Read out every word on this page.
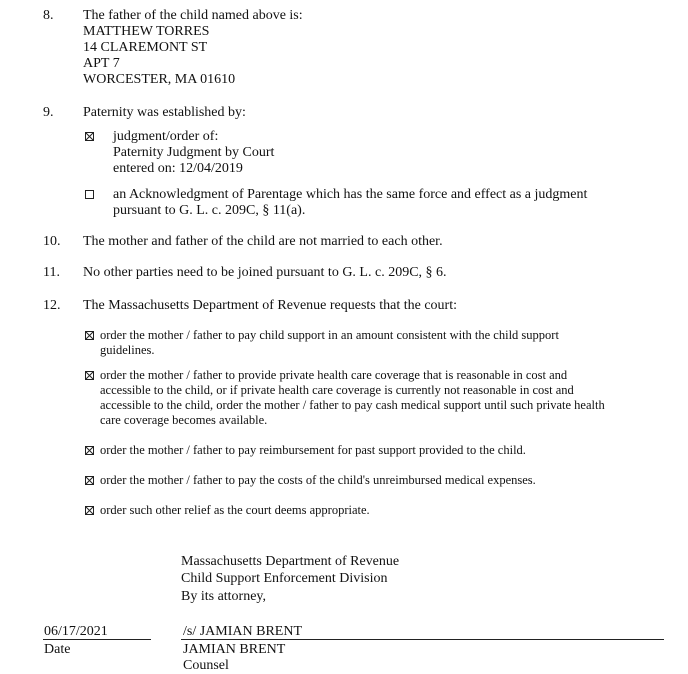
8. The father of the child named above is:
MATTHEW TORRES
14 CLAREMONT ST
APT 7
WORCESTER, MA 01610
9. Paternity was established by:
judgment/order of:
Paternity Judgment by Court
entered on: 12/04/2019
an Acknowledgment of Parentage which has the same force and effect as a judgment
pursuant to G. L. c. 209C, § 11(a).
10. The mother and father of the child are not married to each other.
11. No other parties need to be joined pursuant to G. L. c. 209C, § 6.
12. The Massachusetts Department of Revenue requests that the court:
order the mother / father to pay child support in an amount consistent with the child support
guidelines.
order the mother / father to provide private health care coverage that is reasonable in cost and
accessible to the child, or if private health care coverage is currently not reasonable in cost and
accessible to the child, order the mother / father to pay cash medical support until such private health
care coverage becomes available.
order the mother / father to pay reimbursement for past support provided to the child.
order the mother / father to pay the costs of the child's unreimbursed medical expenses.
order such other relief as the court deems appropriate.
Massachusetts Department of Revenue
Child Support Enforcement Division
By its attorney,
06/17/2021
Date
/s/ JAMIAN BRENT
JAMIAN BRENT
Counsel
